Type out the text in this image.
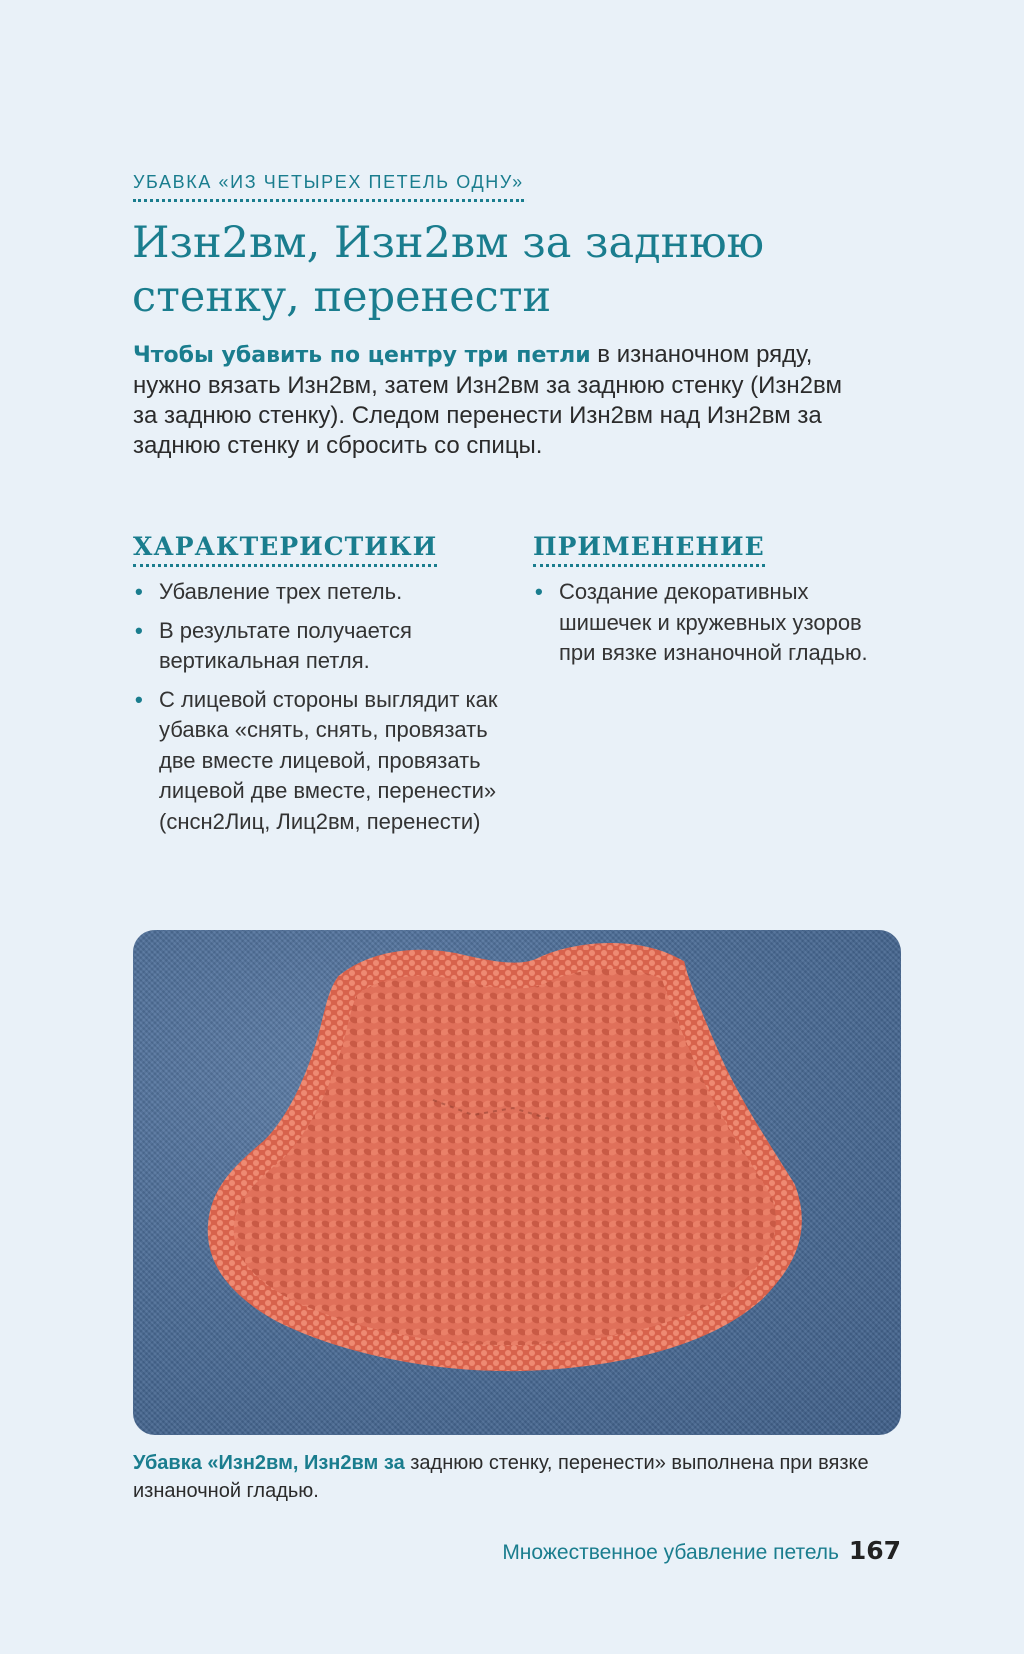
УБАВКА «ИЗ ЧЕТЫРЕХ ПЕТЕЛЬ ОДНУ»
Изн2вм, Изн2вм за заднюю
стенку, перенести

Чтобы убавить по центру три петли в изнаночном ряду, нужно вязать Изн2вм, затем Изн2вм за заднюю стенку (Изн2вм за заднюю стенку). Следом перенести Изн2вм над Изн2вм за заднюю стенку и сбросить со спицы.

ХАРАКТЕРИСТИКИ
• Убавление трех петель.
• В результате получается вертикальная петля.
• С лицевой стороны выглядит как убавка «снять, снять, провязать две вместе лицевой, провязать лицевой две вместе, перенести» (снсн2Лиц, Лиц2вм, перенести)
ПРИМЕНЕНИЕ
• Создание декоративных шишечек и кружевных узоров при вязке изнаночной гладью.

Убавка «Изн2вм, Изн2вм за заднюю стенку, перенести» выполнена при вязке изнаночной гладью.

Множественное убавление петель 167
